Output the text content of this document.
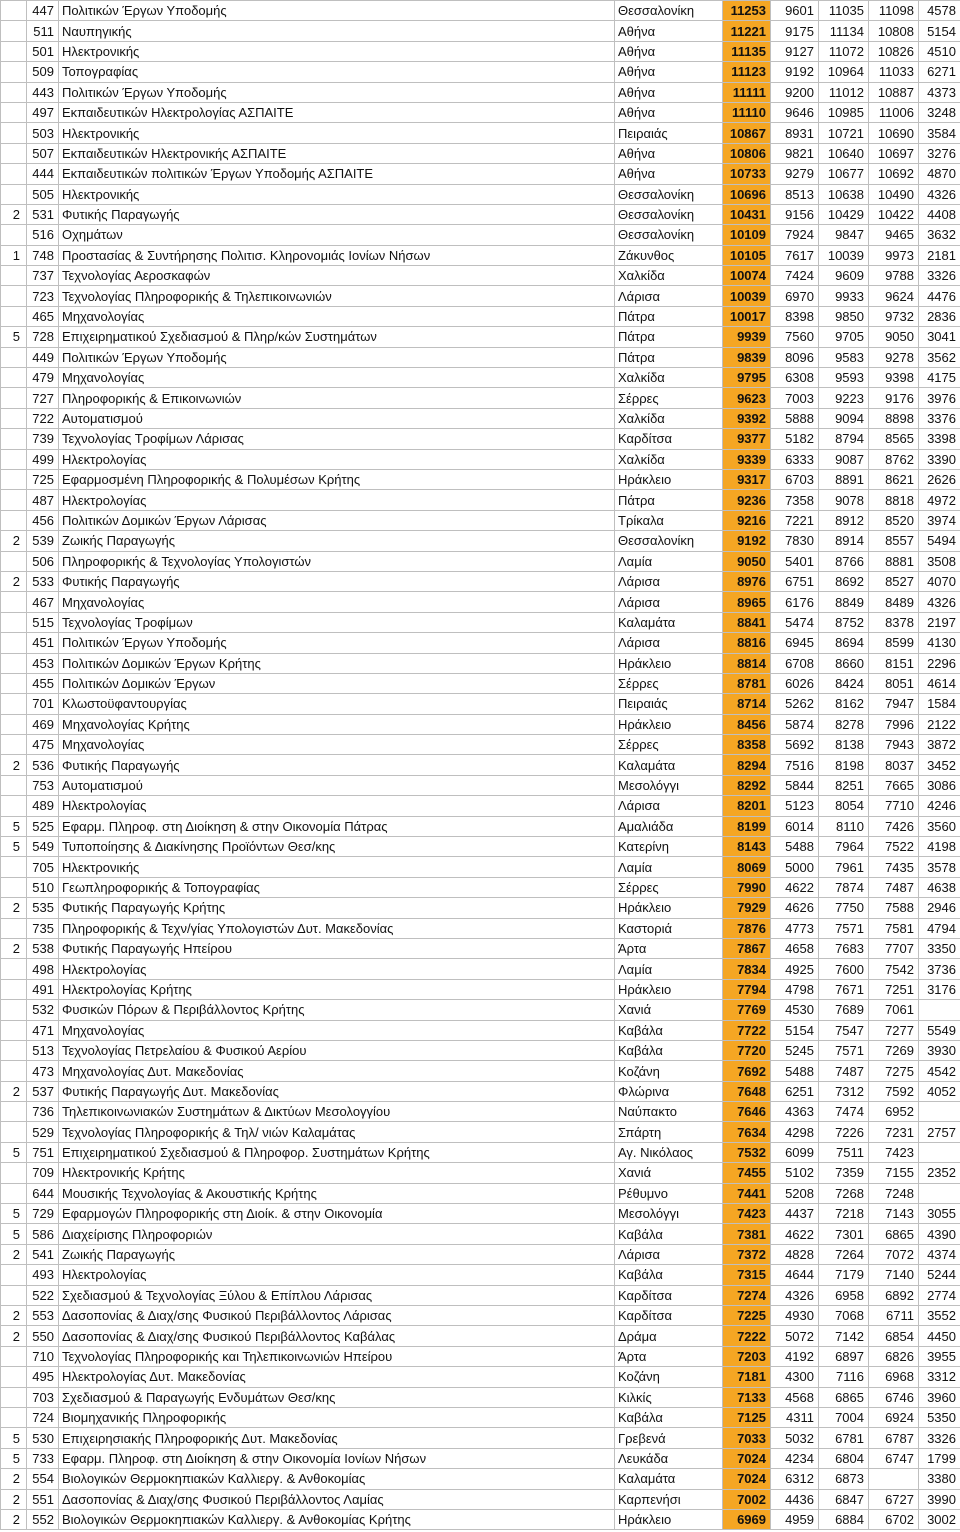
	447	Πολιτικών Έργων Υποδομής	Θεσσαλονίκη	11253	9601	11035	11098	4578
	511	Ναυπηγικής	Αθήνα	11221	9175	11134	10808	5154
	501	Ηλεκτρονικής	Αθήνα	11135	9127	11072	10826	4510
	509	Τοπογραφίας	Αθήνα	11123	9192	10964	11033	6271
	443	Πολιτικών Έργων Υποδομής	Αθήνα	11111	9200	11012	10887	4373
	497	Εκπαιδευτικών Ηλεκτρολογίας ΑΣΠΑΙΤΕ	Αθήνα	11110	9646	10985	11006	3248
	503	Ηλεκτρονικής	Πειραιάς	10867	8931	10721	10690	3584
	507	Εκπαιδευτικών Ηλεκτρονικής ΑΣΠΑΙΤΕ	Αθήνα	10806	9821	10640	10697	3276
	444	Εκπαιδευτικών πολιτικών Έργων Υποδομής ΑΣΠΑΙΤΕ	Αθήνα	10733	9279	10677	10692	4870
	505	Ηλεκτρονικής	Θεσσαλονίκη	10696	8513	10638	10490	4326
2	531	Φυτικής Παραγωγής	Θεσσαλονίκη	10431	9156	10429	10422	4408
	516	Οχημάτων	Θεσσαλονίκη	10109	7924	9847	9465	3632
1	748	Προστασίας & Συντήρησης Πολιτισ. Κληρονομιάς Ιονίων Νήσων	Ζάκυνθος	10105	7617	10039	9973	2181
	737	Τεχνολογίας Αεροσκαφών	Χαλκίδα	10074	7424	9609	9788	3326
	723	Τεχνολογίας Πληροφορικής & Τηλεπικοινωνιών	Λάρισα	10039	6970	9933	9624	4476
	465	Μηχανολογίας	Πάτρα	10017	8398	9850	9732	2836
5	728	Επιχειρηματικού Σχεδιασμού & Πληρ/κών Συστημάτων	Πάτρα	9939	7560	9705	9050	3041
	449	Πολιτικών Έργων Υποδομής	Πάτρα	9839	8096	9583	9278	3562
	479	Μηχανολογίας	Χαλκίδα	9795	6308	9593	9398	4175
	727	Πληροφορικής & Επικοινωνιών	Σέρρες	9623	7003	9223	9176	3976
	722	Αυτοματισμού	Χαλκίδα	9392	5888	9094	8898	3376
	739	Τεχνολογίας Τροφίμων Λάρισας	Καρδίτσα	9377	5182	8794	8565	3398
	499	Ηλεκτρολογίας	Χαλκίδα	9339	6333	9087	8762	3390
	725	Εφαρμοσμένη Πληροφορικής & Πολυμέσων Κρήτης	Ηράκλειο	9317	6703	8891	8621	2626
	487	Ηλεκτρολογίας	Πάτρα	9236	7358	9078	8818	4972
	456	Πολιτικών Δομικών Έργων Λάρισας	Τρίκαλα	9216	7221	8912	8520	3974
2	539	Ζωικής Παραγωγής	Θεσσαλονίκη	9192	7830	8914	8557	5494
	506	Πληροφορικής & Τεχνολογίας Υπολογιστών	Λαμία	9050	5401	8766	8881	3508
2	533	Φυτικής Παραγωγής	Λάρισα	8976	6751	8692	8527	4070
	467	Μηχανολογίας	Λάρισα	8965	6176	8849	8489	4326
	515	Τεχνολογίας Τροφίμων	Καλαμάτα	8841	5474	8752	8378	2197
	451	Πολιτικών Έργων Υποδομής	Λάρισα	8816	6945	8694	8599	4130
	453	Πολιτικών Δομικών Έργων Κρήτης	Ηράκλειο	8814	6708	8660	8151	2296
	455	Πολιτικών Δομικών Έργων	Σέρρες	8781	6026	8424	8051	4614
	701	Κλωστοϋφαντουργίας	Πειραιάς	8714	5262	8162	7947	1584
	469	Μηχανολογίας Κρήτης	Ηράκλειο	8456	5874	8278	7996	2122
	475	Μηχανολογίας	Σέρρες	8358	5692	8138	7943	3872
2	536	Φυτικής Παραγωγής	Καλαμάτα	8294	7516	8198	8037	3452
	753	Αυτοματισμού	Μεσολόγγι	8292	5844	8251	7665	3086
	489	Ηλεκτρολογίας	Λάρισα	8201	5123	8054	7710	4246
5	525	Εφαρμ. Πληροφ. στη Διοίκηση & στην Οικονομία Πάτρας	Αμαλιάδα	8199	6014	8110	7426	3560
5	549	Τυποποίησης & Διακίνησης Προϊόντων Θεσ/κης	Κατερίνη	8143	5488	7964	7522	4198
	705	Ηλεκτρονικής	Λαμία	8069	5000	7961	7435	3578
	510	Γεωπληροφορικής & Τοπογραφίας	Σέρρες	7990	4622	7874	7487	4638
2	535	Φυτικής Παραγωγής Κρήτης	Ηράκλειο	7929	4626	7750	7588	2946
	735	Πληροφορικής & Τεχν/γίας Υπολογιστών Δυτ. Μακεδονίας	Καστοριά	7876	4773	7571	7581	4794
2	538	Φυτικής Παραγωγής Ηπείρου	Άρτα	7867	4658	7683	7707	3350
	498	Ηλεκτρολογίας	Λαμία	7834	4925	7600	7542	3736
	491	Ηλεκτρολογίας Κρήτης	Ηράκλειο	7794	4798	7671	7251	3176
	532	Φυσικών Πόρων & Περιβάλλοντος Κρήτης	Χανιά	7769	4530	7689	7061	
	471	Μηχανολογίας	Καβάλα	7722	5154	7547	7277	5549
	513	Τεχνολογίας Πετρελαίου & Φυσικού Αερίου	Καβάλα	7720	5245	7571	7269	3930
	473	Μηχανολογίας Δυτ. Μακεδονίας	Κοζάνη	7692	5488	7487	7275	4542
2	537	Φυτικής Παραγωγής Δυτ. Μακεδονίας	Φλώρινα	7648	6251	7312	7592	4052
	736	Τηλεπικοινωνιακών Συστημάτων & Δικτύων Μεσολογγίου	Ναύπακτο	7646	4363	7474	6952	
	529	Τεχνολογίας Πληροφορικής & Τηλ/ νιών Καλαμάτας	Σπάρτη	7634	4298	7226	7231	2757
5	751	Επιχειρηματικού Σχεδιασμού & Πληροφορ. Συστημάτων Κρήτης	Αγ. Νικόλαος	7532	6099	7511	7423	
	709	Ηλεκτρονικής Κρήτης	Χανιά	7455	5102	7359	7155	2352
	644	Μουσικής Τεχνολογίας & Ακουστικής Κρήτης	Ρέθυμνο	7441	5208	7268	7248	
5	729	Εφαρμογών Πληροφορικής στη Διοίκ. & στην Οικονομία	Μεσολόγγι	7423	4437	7218	7143	3055
5	586	Διαχείρισης Πληροφοριών	Καβάλα	7381	4622	7301	6865	4390
2	541	Ζωικής Παραγωγής	Λάρισα	7372	4828	7264	7072	4374
	493	Ηλεκτρολογίας	Καβάλα	7315	4644	7179	7140	5244
	522	Σχεδιασμού & Τεχνολογίας Ξύλου & Επίπλου Λάρισας	Καρδίτσα	7274	4326	6958	6892	2774
2	553	Δασοπονίας & Διαχ/σης Φυσικού Περιβάλλοντος Λάρισας	Καρδίτσα	7225	4930	7068	6711	3552
2	550	Δασοπονίας & Διαχ/σης Φυσικού Περιβάλλοντος Καβάλας	Δράμα	7222	5072	7142	6854	4450
	710	Τεχνολογίας Πληροφορικής και Τηλεπικοινωνιών Ηπείρου	Άρτα	7203	4192	6897	6826	3955
	495	Ηλεκτρολογίας Δυτ. Μακεδονίας	Κοζάνη	7181	4300	7116	6968	3312
	703	Σχεδιασμού & Παραγωγής Ενδυμάτων Θεσ/κης	Κιλκίς	7133	4568	6865	6746	3960
	724	Βιομηχανικής Πληροφορικής	Καβάλα	7125	4311	7004	6924	5350
5	530	Επιχειρησιακής Πληροφορικής Δυτ. Μακεδονίας	Γρεβενά	7033	5032	6781	6787	3326
5	733	Εφαρμ. Πληροφ. στη Διοίκηση & στην Οικονομία Ιονίων Νήσων	Λευκάδα	7024	4234	6804	6747	1799
2	554	Βιολογικών Θερμοκηπιακών Καλλιεργ. & Ανθοκομίας	Καλαμάτα	7024	6312	6873		3380
2	551	Δασοπονίας & Διαχ/σης Φυσικού Περιβάλλοντος Λαμίας	Καρπενήσι	7002	4436	6847	6727	3990
2	552	Βιολογικών Θερμοκηπιακών Καλλιεργ. & Ανθοκομίας Κρήτης	Ηράκλειο	6969	4959	6884	6702	3002
